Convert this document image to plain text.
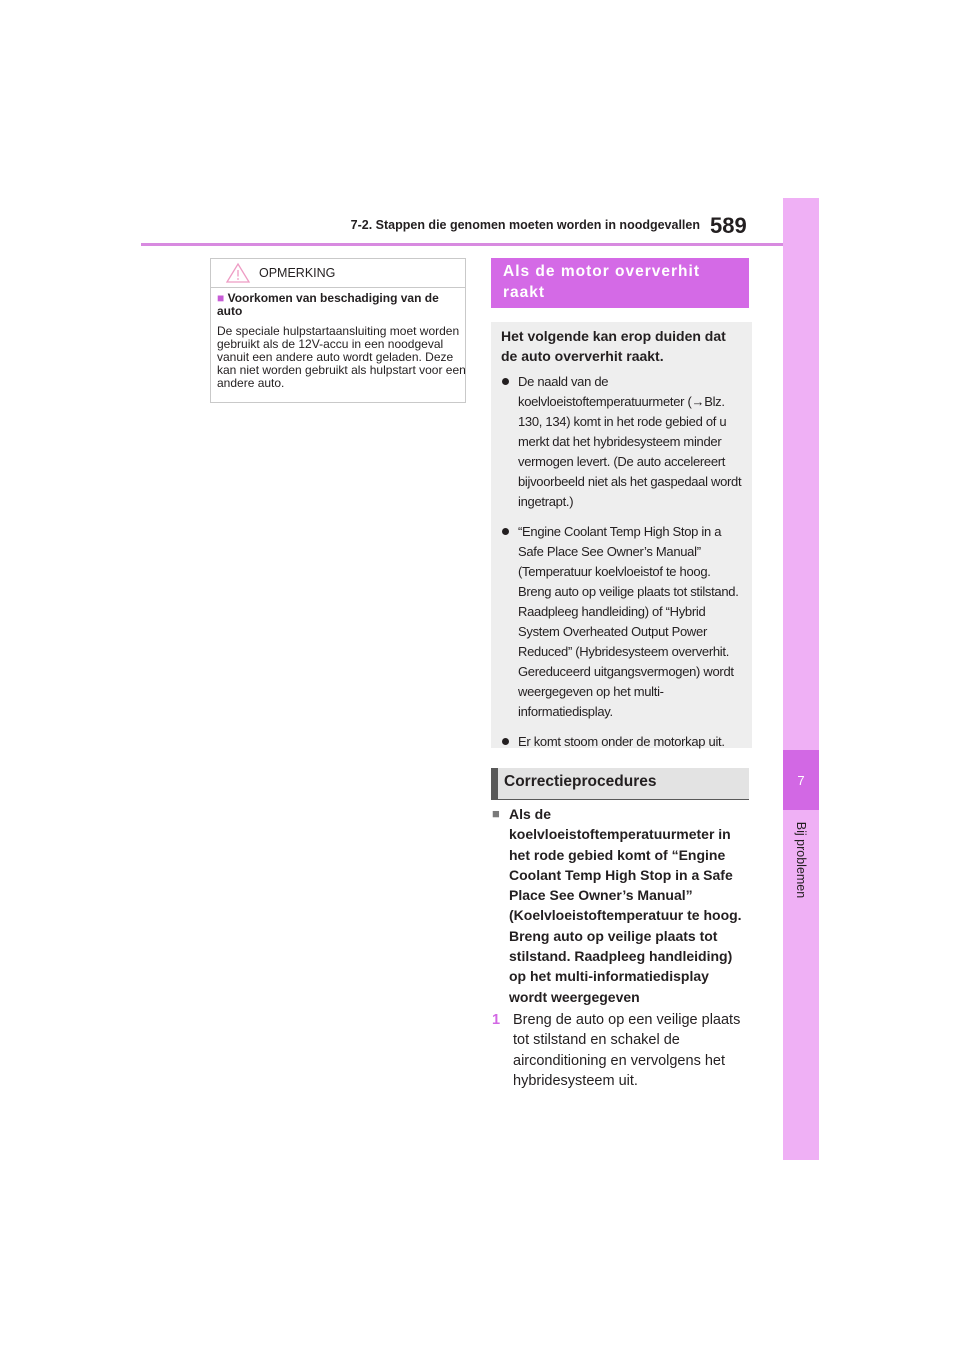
7-2. Stappen die genomen moeten worden in noodgevallen 589
7
Bij problemen
OPMERKING
■ Voorkomen van beschadiging van de auto
De speciale hulpstartaansluiting moet worden gebruikt als de 12V-accu in een noodgeval vanuit een andere auto wordt geladen. Deze kan niet worden gebruikt als hulpstart voor een andere auto.
Als de motor oververhit raakt
Het volgende kan erop duiden dat de auto oververhit raakt.
De naald van de koelvloeistoftemperatuurmeter (→Blz. 130, 134) komt in het rode gebied of u merkt dat het hybridesysteem minder vermogen levert. (De auto accelereert bijvoorbeeld niet als het gaspedaal wordt ingetrapt.)
“Engine Coolant Temp High Stop in a Safe Place See Owner’s Manual” (Temperatuur koelvloeistof te hoog. Breng auto op veilige plaats tot stilstand. Raadpleeg handleiding) of “Hybrid System Overheated Output Power Reduced” (Hybridesysteem oververhit. Gereduceerd uitgangsvermogen) wordt weergegeven op het multi-informatiedisplay.
Er komt stoom onder de motorkap uit.
Correctieprocedures
■ Als de koelvloeistoftemperatuurmeter in het rode gebied komt of “Engine Coolant Temp High Stop in a Safe Place See Owner’s Manual” (Koelvloeistoftemperatuur te hoog. Breng auto op veilige plaats tot stilstand. Raadpleeg handleiding) op het multi-informatiedisplay wordt weergegeven
1 Breng de auto op een veilige plaats tot stilstand en schakel de airconditioning en vervolgens het hybridesysteem uit.
